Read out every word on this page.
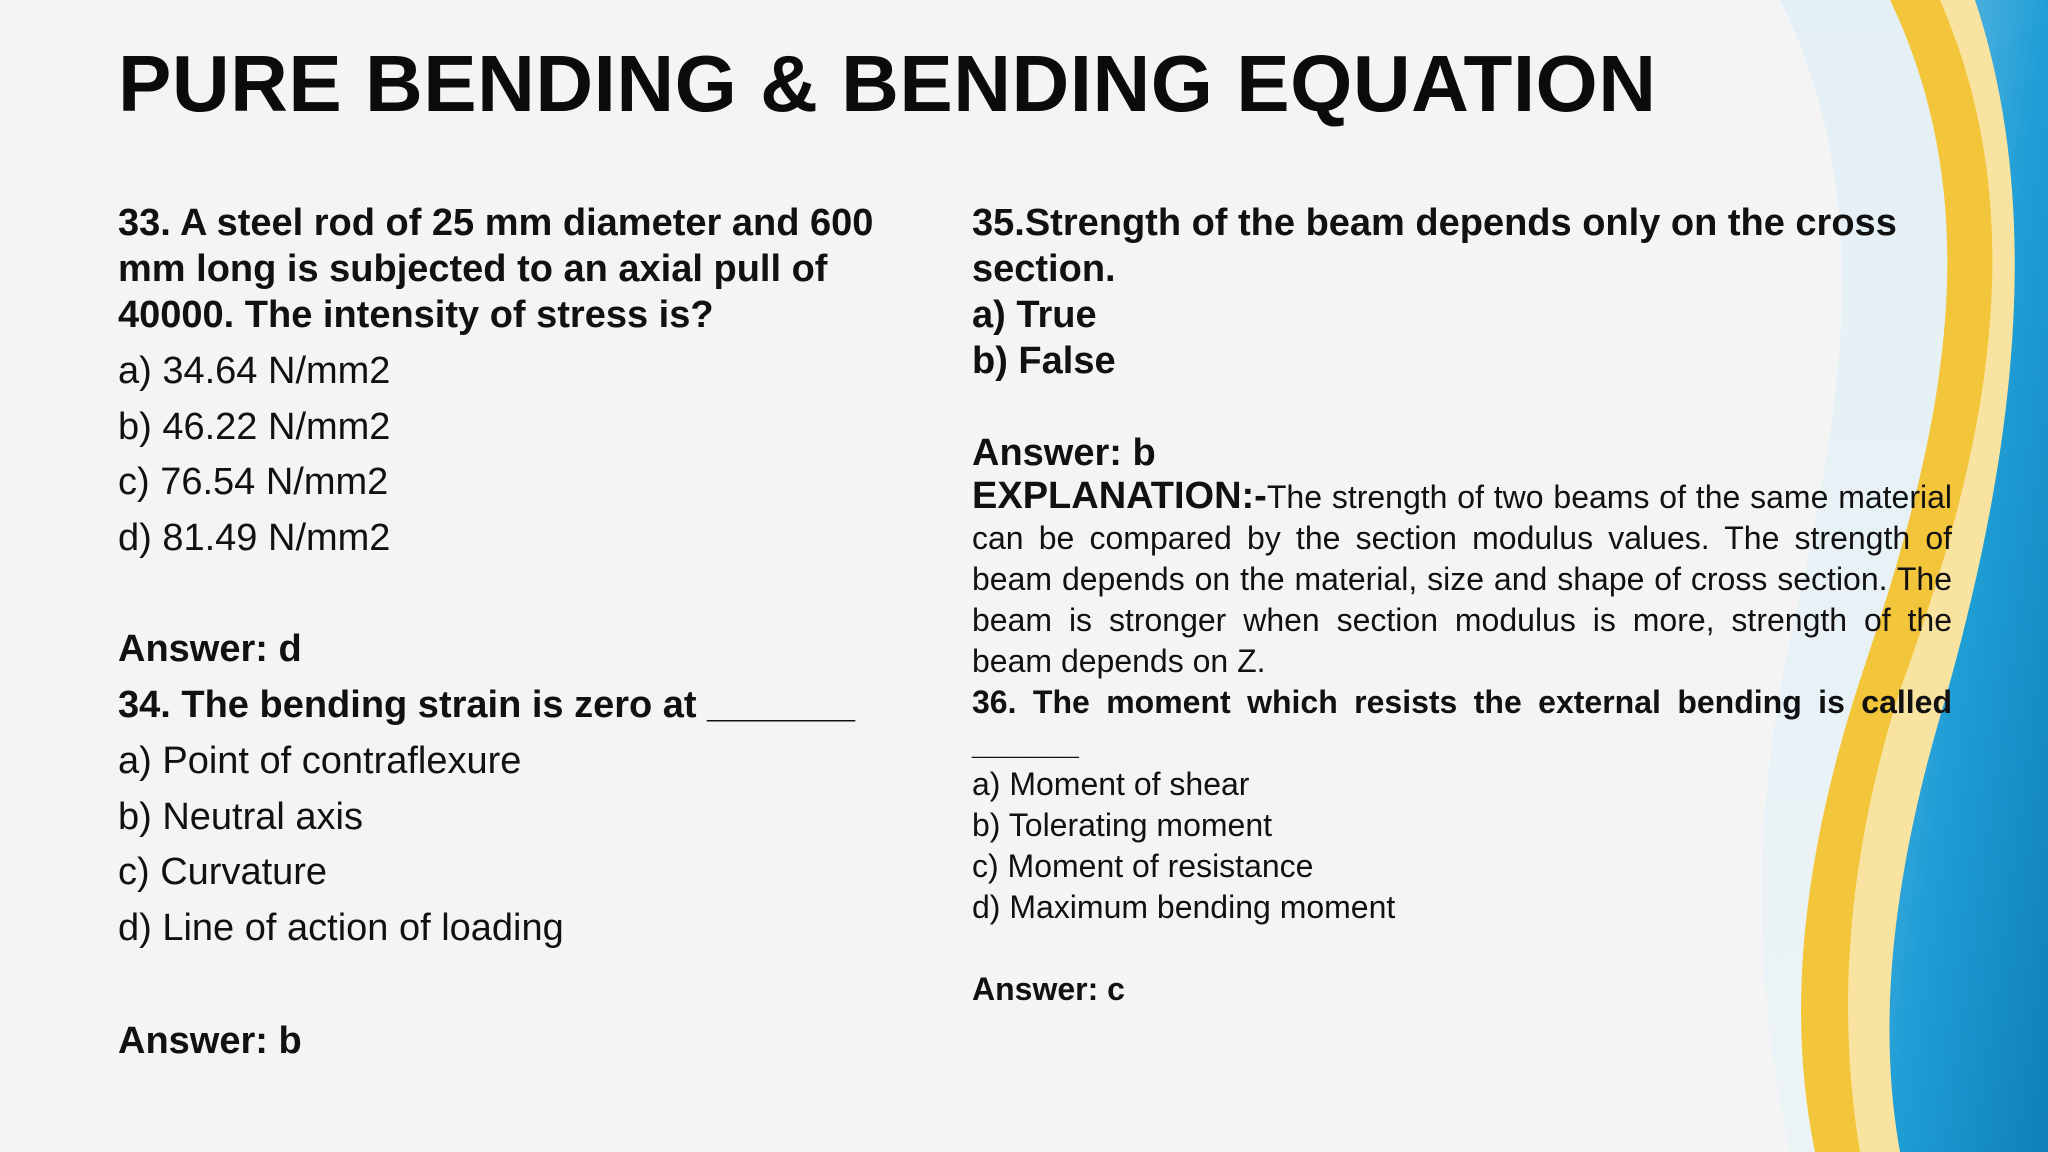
PURE BENDING & BENDING EQUATION

33. A steel rod of 25 mm diameter and 600 mm long is subjected to an axial pull of 40000. The intensity of stress is?

a) 34.64 N/mm2

b) 46.22 N/mm2

c) 76.54 N/mm2

d) 81.49 N/mm2

Answer: d

34. The bending strain is zero at _______

a) Point of contraflexure

b) Neutral axis

c) Curvature

d) Line of action of loading

Answer: b

35.Strength of the beam depends only on the cross section.

a) True

b) False

Answer: b

EXPLANATION:-The strength of two beams of the same material can be compared by the section modulus values. The strength of beam depends on the material, size and shape of cross section. The beam is stronger when section modulus is more, strength of the beam depends on Z.

36. The moment which resists the external bending is called ______

a) Moment of shear

b) Tolerating moment

c) Moment of resistance

d) Maximum bending moment

Answer: c
